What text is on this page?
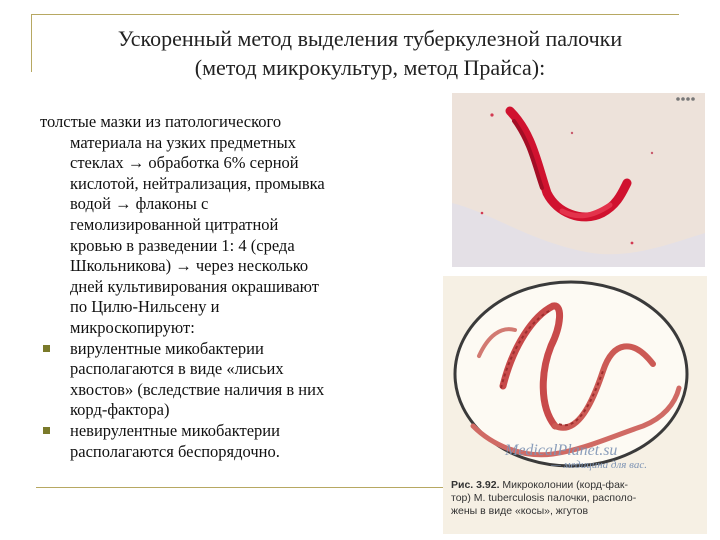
Ускоренный метод выделения туберкулезной палочки
(метод микрокультур, метод Прайса):

толстые мазки из патологического
материала на узких предметных
стеклах → обработка 6% серной
кислотой, нейтрализация, промывка
водой → флаконы с
гемолизированной цитратной
кровью в разведении 1: 4 (среда
Школьникова) → через несколько
дней культивирования окрашивают
по Цилю-Нильсену и
микроскопируют:

вирулентные микобактерии
располагаются в виде «лисьих
хвостов» (вследствие наличия в них
корд-фактора)
невирулентные микобактерии
располагаются беспорядочно.	MedicalPlanet.su
— медицина для вас.
Рис. 3.92. Микроколонии (корд-фак-
тор) M. tuberculosis палочки, располо-
жены в виде «косы», жгутов
